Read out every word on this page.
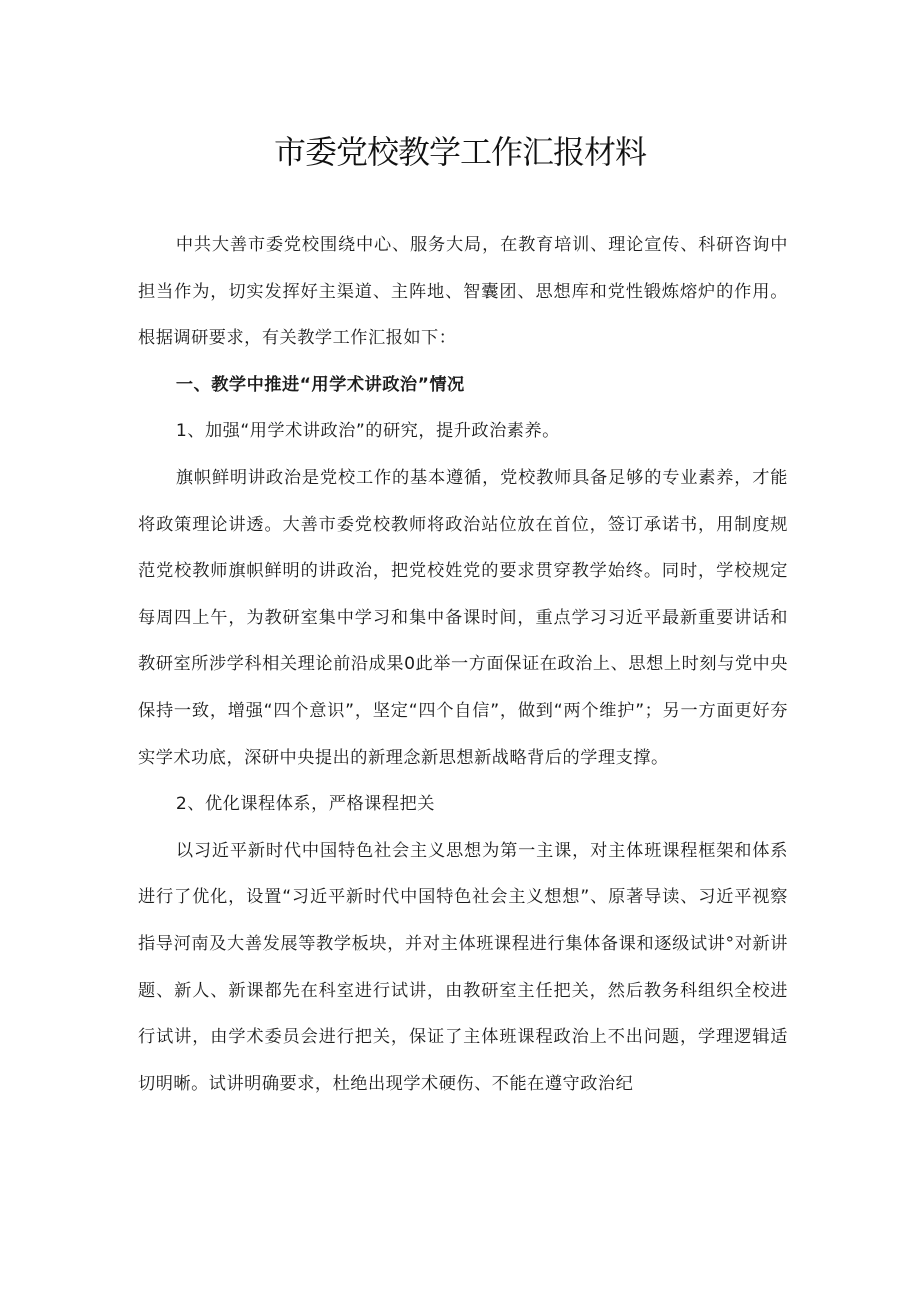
市委党校教学工作汇报材料

中共大善市委党校围绕中心、服务大局，在教育培训、理论宣传、科研咨询中担当作为，切实发挥好主渠道、主阵地、智囊团、思想库和党性锻炼熔炉的作用。根据调研要求，有关教学工作汇报如下：

一、教学中推进“用学术讲政治”情况

1、加强“用学术讲政治”的研究，提升政治素养。

旗帜鲜明讲政治是党校工作的基本遵循，党校教师具备足够的专业素养，才能将政策理论讲透。大善市委党校教师将政治站位放在首位，签订承诺书，用制度规范党校教师旗帜鲜明的讲政治，把党校姓党的要求贯穿教学始终。同时，学校规定每周四上午，为教研室集中学习和集中备课时间，重点学习习近平最新重要讲话和教研室所涉学科相关理论前沿成果0此举一方面保证在政治上、思想上时刻与党中央保持一致，增强“四个意识”，坚定“四个自信”，做到“两个维护”；另一方面更好夯实学术功底，深研中央提出的新理念新思想新战略背后的学理支撑。

2、优化课程体系，严格课程把关

以习近平新时代中国特色社会主义思想为第一主课，对主体班课程框架和体系进行了优化，设置“习近平新时代中国特色社会主义想想”、原著导读、习近平视察指导河南及大善发展等教学板块，并对主体班课程进行集体备课和逐级试讲°对新讲题、新人、新课都先在科室进行试讲，由教研室主任把关，然后教务科组织全校进行试讲，由学术委员会进行把关，保证了主体班课程政治上不出问题，学理逻辑适切明晰。试讲明确要求，杜绝出现学术硬伤、不能在遵守政治纪
